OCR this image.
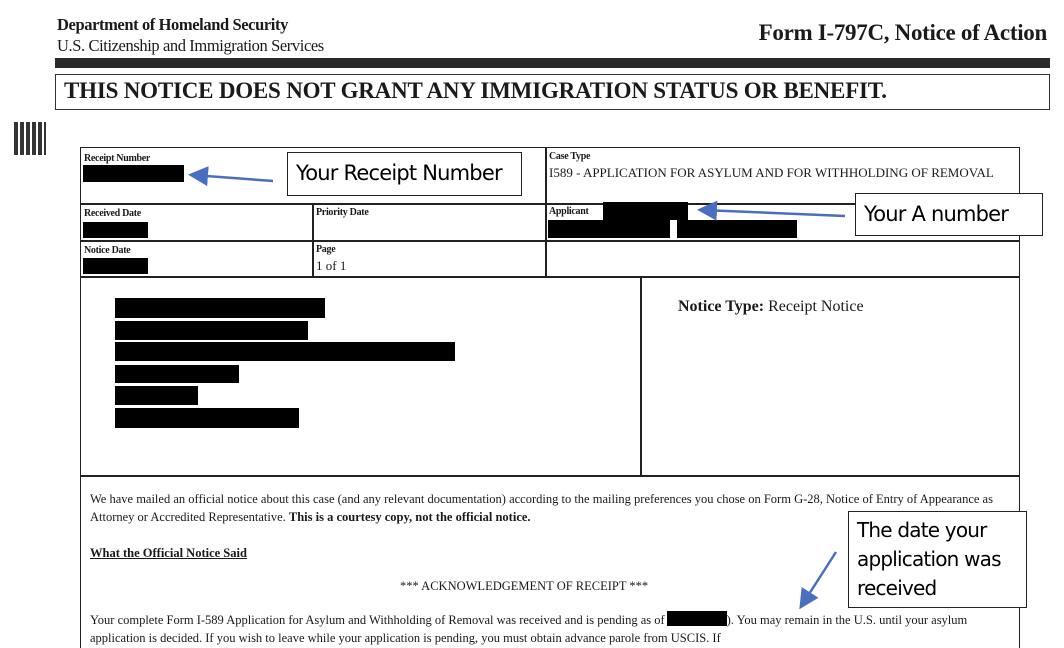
Department of Homeland Security
U.S. Citizenship and Immigration Services
Form I-797C, Notice of Action
THIS NOTICE DOES NOT GRANT ANY IMMIGRATION STATUS OR BENEFIT.
Receipt Number	Case Type
I589 - APPLICATION FOR ASYLUM AND FOR WITHHOLDING OF REMOVAL
Received Date	Priority Date	Applicant
Notice Date	Page
1 of 1
Notice Type: Receipt Notice
We have mailed an official notice about this case (and any relevant documentation) according to the mailing preferences you chose on Form G-28, Notice of Entry of Appearance as Attorney or Accredited Representative. This is a courtesy copy, not the official notice.
What the Official Notice Said
*** ACKNOWLEDGEMENT OF RECEIPT ***
Your complete Form I-589 Application for Asylum and Withholding of Removal was received and is pending as of	). You may remain in the U.S. until your asylum application is decided. If you wish to leave while your application is pending, you must obtain advance parole from USCIS. If
Your Receipt Number
Your A number
The date your application was received
